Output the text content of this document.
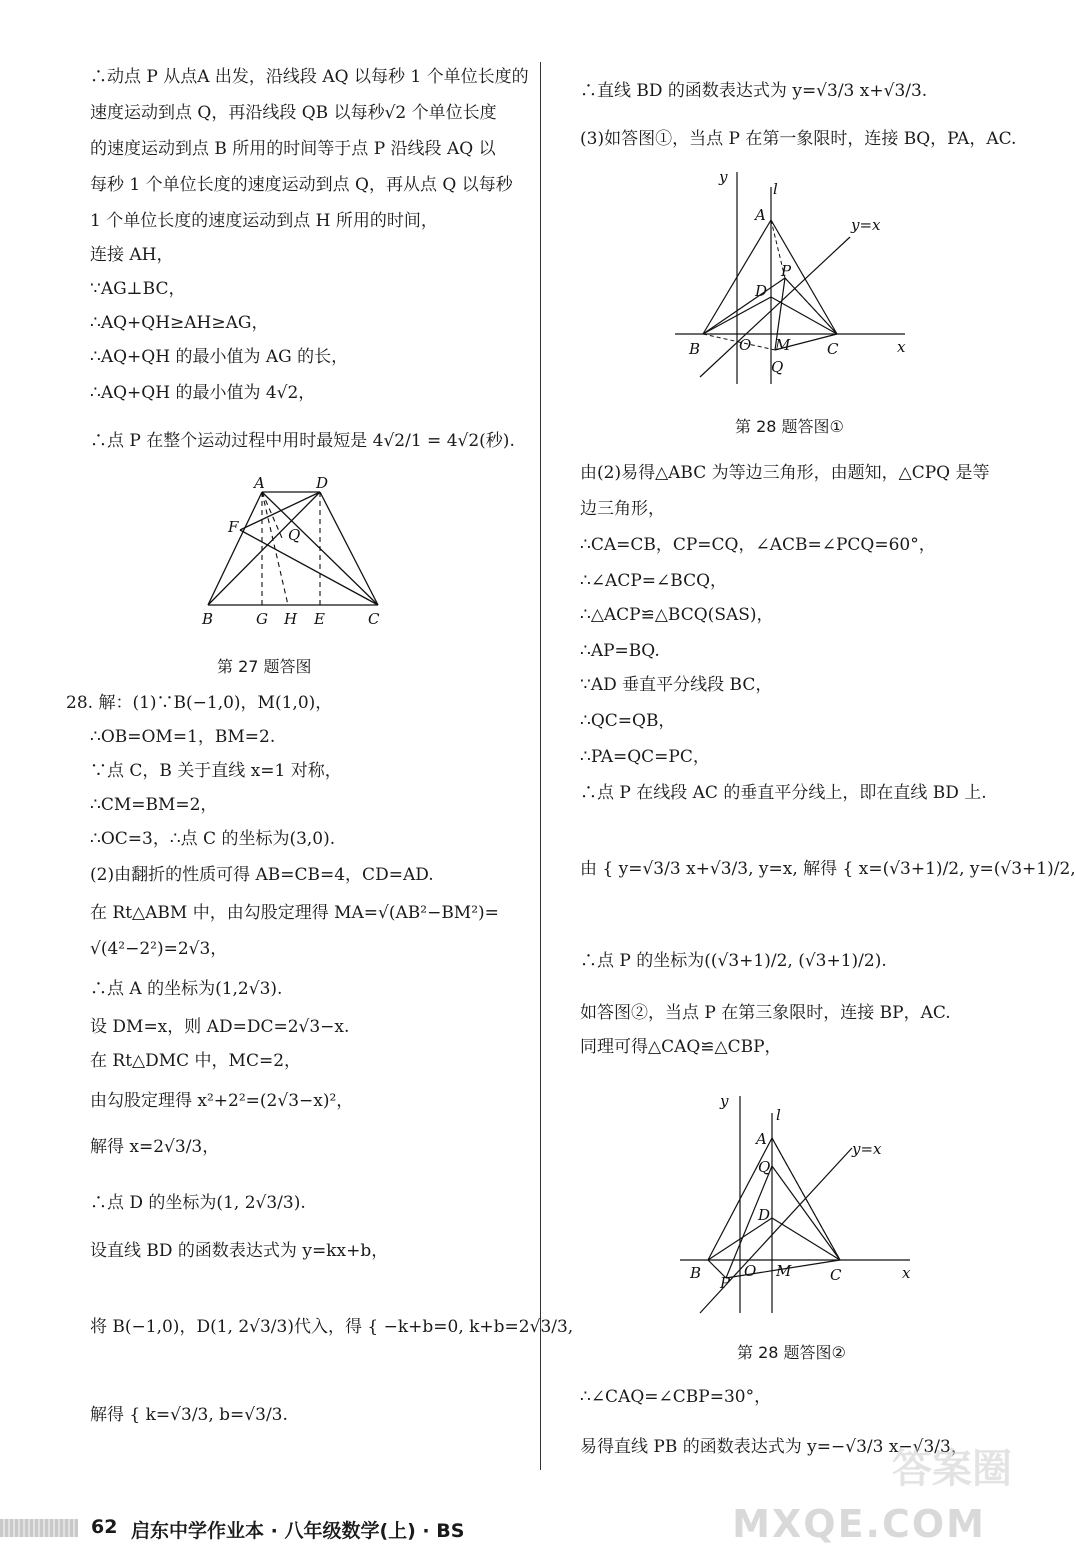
∴动点 P 从点A 出发，沿线段 AQ 以每秒 1 个单位长度的
速度运动到点 Q，再沿线段 QB 以每秒√2 个单位长度
的速度运动到点 B 所用的时间等于点 P 沿线段 AQ 以
每秒 1 个单位长度的速度运动到点 Q，再从点 Q 以每秒
1 个单位长度的速度运动到点 H 所用的时间，
连接 AH，
∵AG⊥BC，
∴AQ+QH≥AH≥AG，
∴AQ+QH 的最小值为 AG 的长，
∴AQ+QH 的最小值为 4√2，
∴点 P 在整个运动过程中用时最短是 4√2/1 = 4√2(秒).
A	D
F	Q
B	G H E	C
第 27 题答图
28. 解：(1)∵B(−1,0)，M(1,0)，
∴OB=OM=1，BM=2.
∵点 C，B 关于直线 x=1 对称，
∴CM=BM=2，
∴OC=3，∴点 C 的坐标为(3,0).
(2)由翻折的性质可得 AB=CB=4，CD=AD.
在 Rt△ABM 中，由勾股定理得 MA=√(AB²−BM²)=
√(4²−2²)=2√3，
∴点 A 的坐标为(1,2√3).
设 DM=x，则 AD=DC=2√3−x.
在 Rt△DMC 中，MC=2，
由勾股定理得 x²+2²=(2√3−x)²，
解得 x=2√3/3，
∴点 D 的坐标为(1, 2√3/3).
设直线 BD 的函数表达式为 y=kx+b，
将 B(−1,0)，D(1, 2√3/3)代入，得 { −k+b=0, k+b=2√3/3,
解得 { k=√3/3, b=√3/3.
∴直线 BD 的函数表达式为 y=√3/3 x+√3/3.
(3)如答图①，当点 P 在第一象限时，连接 BQ，PA，AC.
y
l
A
y=x
P
D
B	O M C	x
Q
第 28 题答图①
由(2)易得△ABC 为等边三角形，由题知，△CPQ 是等
边三角形，
∴CA=CB，CP=CQ，∠ACB=∠PCQ=60°，
∴∠ACP=∠BCQ，
∴△ACP≌△BCQ(SAS)，
∴AP=BQ.
∵AD 垂直平分线段 BC，
∴QC=QB，
∴PA=QC=PC，
∴点 P 在线段 AC 的垂直平分线上，即在直线 BD 上.
由 { y=√3/3 x+√3/3, y=x, 解得 { x=(√3+1)/2, y=(√3+1)/2,
∴点 P 的坐标为((√3+1)/2, (√3+1)/2).
如答图②，当点 P 在第三象限时，连接 BP，AC.
同理可得△CAQ≌△CBP，
y
l
A
Q
y=x
D
B
P
O M	C	x
第 28 题答图②
∴∠CAQ=∠CBP=30°，
易得直线 PB 的函数表达式为 y=−√3/3 x−√3/3，
62 启东中学作业本 · 八年级数学(上) · BS
答案圈
MXQE.COM
